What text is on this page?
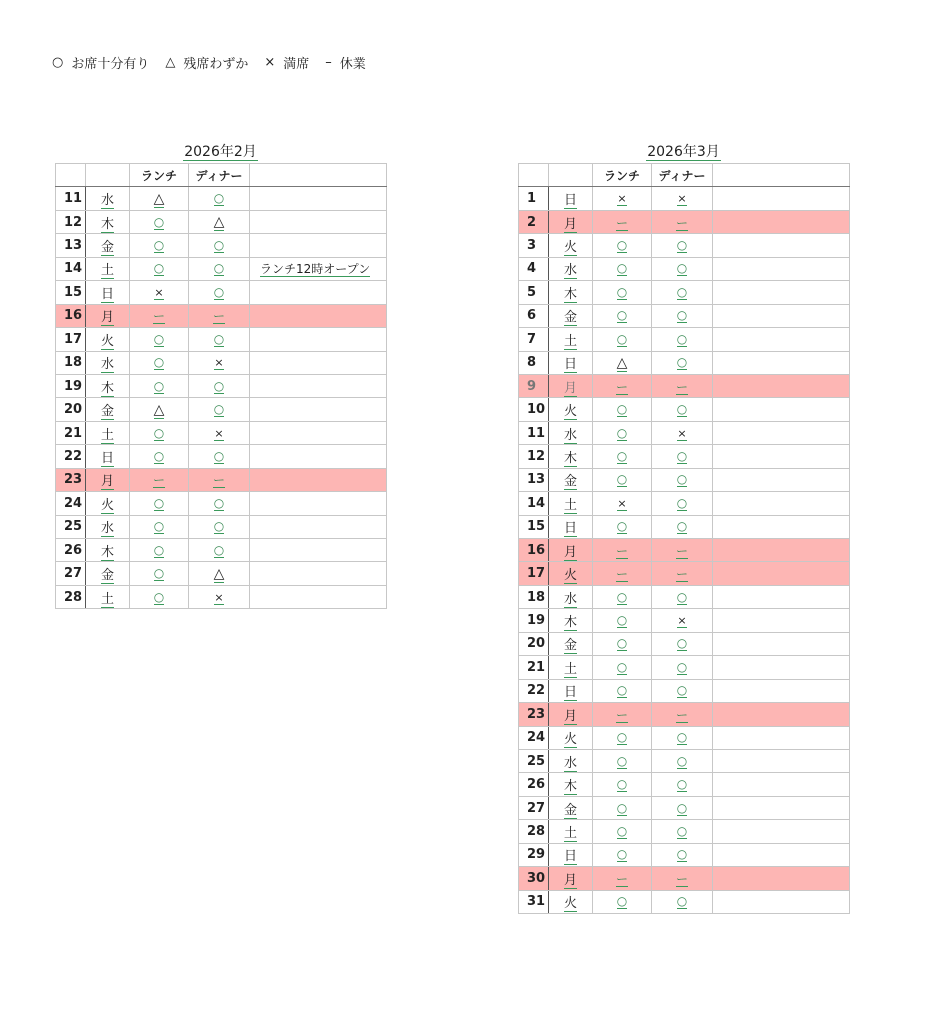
○ お席十分有り △ 残席わずか × 満席 – 休業
2026年2月
		ランチ	ディナー	
11	水	△	○	
12	木	○	△	
13	金	○	○	
14	土	○	○	ランチ12時オープン
15	日	×	○	
16	月	ー	ー	
17	火	○	○	
18	水	○	×	
19	木	○	○	
20	金	△	○	
21	土	○	×	
22	日	○	○	
23	月	ー	ー	
24	火	○	○	
25	水	○	○	
26	木	○	○	
27	金	○	△	
28	土	○	×	
2026年3月
		ランチ	ディナー	
1	日	×	×	
2	月	ー	ー	
3	火	○	○	
4	水	○	○	
5	木	○	○	
6	金	○	○	
7	土	○	○	
8	日	△	○	
9	月	ー	ー	
10	火	○	○	
11	水	○	×	
12	木	○	○	
13	金	○	○	
14	土	×	○	
15	日	○	○	
16	月	ー	ー	
17	火	ー	ー	
18	水	○	○	
19	木	○	×	
20	金	○	○	
21	土	○	○	
22	日	○	○	
23	月	ー	ー	
24	火	○	○	
25	水	○	○	
26	木	○	○	
27	金	○	○	
28	土	○	○	
29	日	○	○	
30	月	ー	ー	
31	火	○	○	
